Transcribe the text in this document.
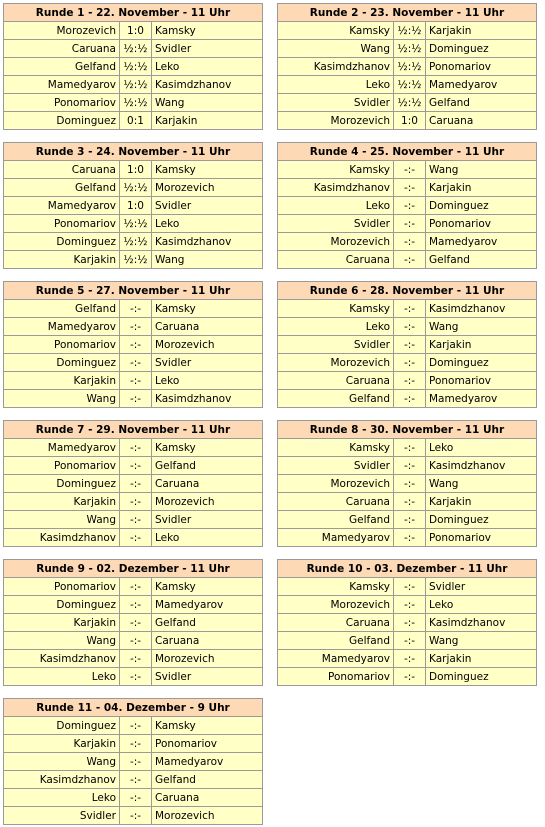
Runde 1 - 22. November - 11 Uhr		
Morozevich	1:0	Kamsky
Caruana	½:½	Svidler
Gelfand	½:½	Leko
Mamedyarov	½:½	Kasimdzhanov
Ponomariov	½:½	Wang
Dominguez	0:1	Karjakin
Runde 2 - 23. November - 11 Uhr		
Kamsky	½:½	Karjakin
Wang	½:½	Dominguez
Kasimdzhanov	½:½	Ponomariov
Leko	½:½	Mamedyarov
Svidler	½:½	Gelfand
Morozevich	1:0	Caruana
Runde 3 - 24. November - 11 Uhr		
Caruana	1:0	Kamsky
Gelfand	½:½	Morozevich
Mamedyarov	1:0	Svidler
Ponomariov	½:½	Leko
Dominguez	½:½	Kasimdzhanov
Karjakin	½:½	Wang
Runde 4 - 25. November - 11 Uhr		
Kamsky	-:-	Wang
Kasimdzhanov	-:-	Karjakin
Leko	-:-	Dominguez
Svidler	-:-	Ponomariov
Morozevich	-:-	Mamedyarov
Caruana	-:-	Gelfand
Runde 5 - 27. November - 11 Uhr		
Gelfand	-:-	Kamsky
Mamedyarov	-:-	Caruana
Ponomariov	-:-	Morozevich
Dominguez	-:-	Svidler
Karjakin	-:-	Leko
Wang	-:-	Kasimdzhanov
Runde 6 - 28. November - 11 Uhr		
Kamsky	-:-	Kasimdzhanov
Leko	-:-	Wang
Svidler	-:-	Karjakin
Morozevich	-:-	Dominguez
Caruana	-:-	Ponomariov
Gelfand	-:-	Mamedyarov
Runde 7 - 29. November - 11 Uhr		
Mamedyarov	-:-	Kamsky
Ponomariov	-:-	Gelfand
Dominguez	-:-	Caruana
Karjakin	-:-	Morozevich
Wang	-:-	Svidler
Kasimdzhanov	-:-	Leko
Runde 8 - 30. November - 11 Uhr		
Kamsky	-:-	Leko
Svidler	-:-	Kasimdzhanov
Morozevich	-:-	Wang
Caruana	-:-	Karjakin
Gelfand	-:-	Dominguez
Mamedyarov	-:-	Ponomariov
Runde 9 - 02. Dezember - 11 Uhr		
Ponomariov	-:-	Kamsky
Dominguez	-:-	Mamedyarov
Karjakin	-:-	Gelfand
Wang	-:-	Caruana
Kasimdzhanov	-:-	Morozevich
Leko	-:-	Svidler
Runde 10 - 03. Dezember - 11 Uhr		
Kamsky	-:-	Svidler
Morozevich	-:-	Leko
Caruana	-:-	Kasimdzhanov
Gelfand	-:-	Wang
Mamedyarov	-:-	Karjakin
Ponomariov	-:-	Dominguez
Runde 11 - 04. Dezember - 9 Uhr		
Dominguez	-:-	Kamsky
Karjakin	-:-	Ponomariov
Wang	-:-	Mamedyarov
Kasimdzhanov	-:-	Gelfand
Leko	-:-	Caruana
Svidler	-:-	Morozevich
